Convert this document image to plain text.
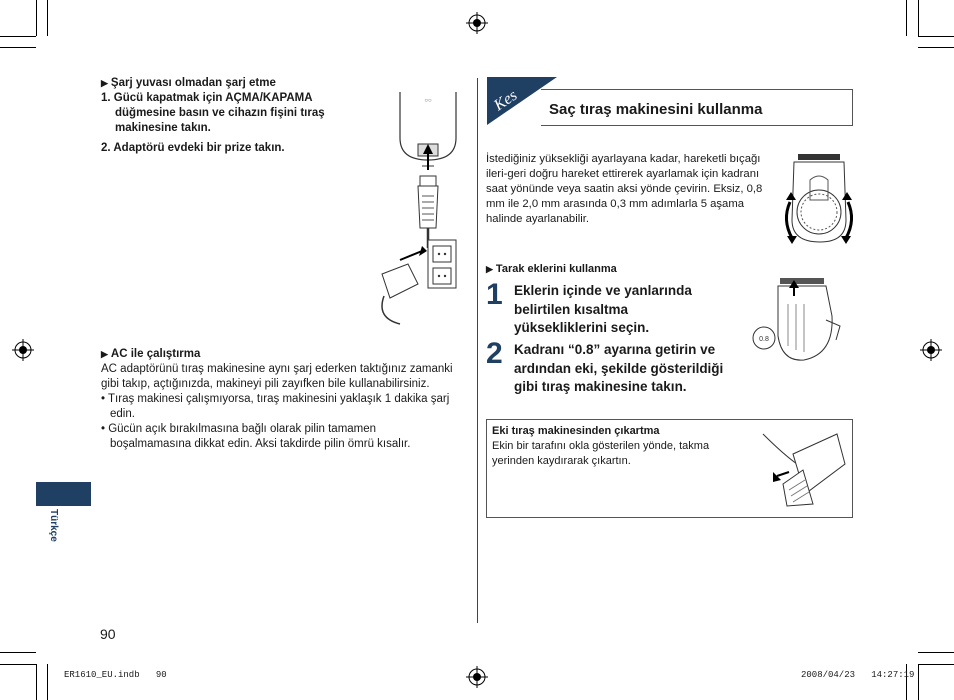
▶ Şarj yuvası olmadan şarj etme
1. Gücü kapatmak için AÇMA/KAPAMA düğmesine basın ve cihazın fişini tıraş makinesine takın.
2. Adaptörü evdeki bir prize takın.
○○
▶ AC ile çalıştırma
AC adaptörünü tıraş makinesine aynı şarj ederken taktığınız zamanki gibi takıp, açtığınızda, makineyi pili zayıfken bile kullanabilirsiniz.
• Tıraş makinesi çalışmıyorsa, tıraş makinesini yaklaşık 1 dakika şarj edin.
• Gücün açık bırakılmasına bağlı olarak pilin tamamen boşalmamasına dikkat edin. Aksi takdirde pilin ömrü kısalır.
Türkçe
90
Kes Saç tıraş makinesini kullanma
İstediğiniz yüksekliği ayarlayana kadar, hareketli bıçağı ileri-geri doğru hareket ettirerek ayarlamak için kadranı saat yönünde veya saatin aksi yönde çevirin. Eksiz, 0,8 mm ile 2,0 mm arasında 0,3 mm adımlarla 5 aşama halinde ayarlanabilir.
▶ Tarak eklerini kullanma
1 Eklerin içinde ve yanlarında belirtilen kısaltma yüksekliklerini seçin.
2 Kadranı “0.8” ayarına getirin ve ardından eki, şekilde gösterildiği gibi tıraş makinesine takın.
0.8
Eki tıraş makinesinden çıkartma
Ekin bir tarafını okla gösterilen yönde, takma yerinden kaydırarak çıkartın.
ER1610_EU.indb   90	2008/04/23   14:27:19
